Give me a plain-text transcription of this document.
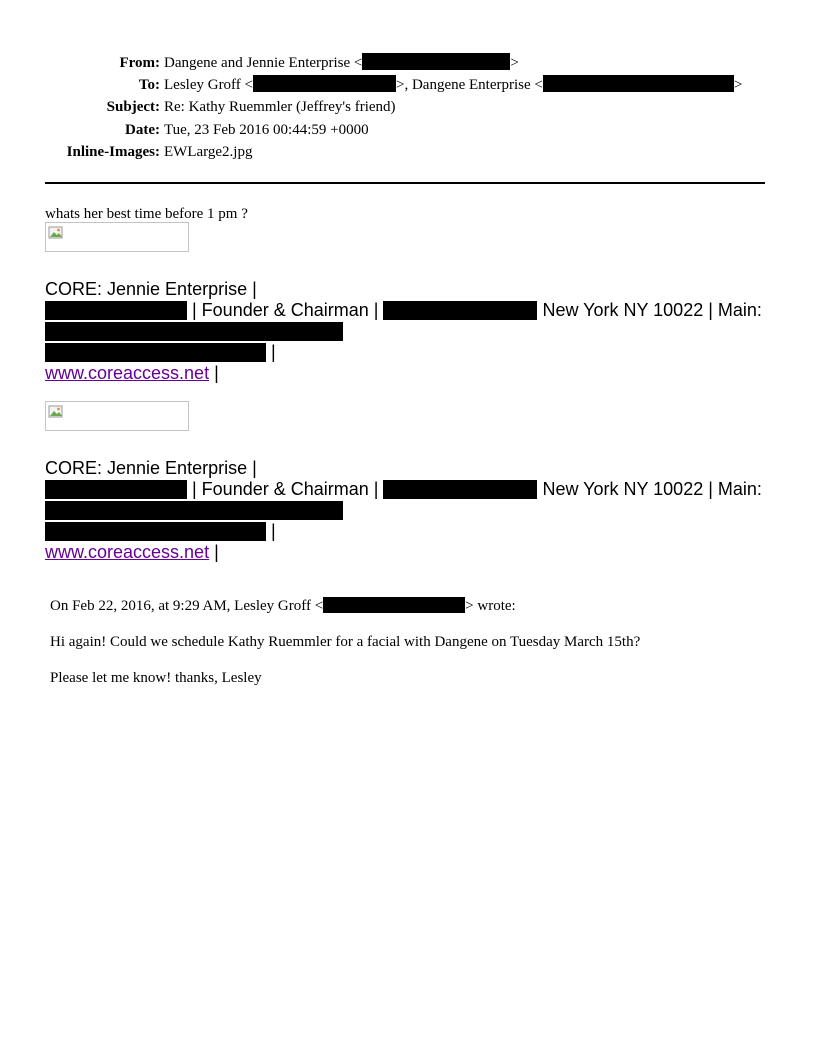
From: Dangene and Jennie Enterprise <	>
To: Lesley Groff <	>, Dangene Enterprise <	>
Subject: Re: Kathy Ruemmler (Jeffrey's friend)
Date: Tue, 23 Feb 2016 00:44:59 +0000
Inline-Images: EWLarge2.jpg
whats her best time before 1 pm ?
CORE: Jennie Enterprise |
| Founder & Chairman |	New York NY 10022 | Main:
|
www.coreaccess.net |
CORE: Jennie Enterprise |
| Founder & Chairman |	New York NY 10022 | Main:
|
www.coreaccess.net |

On Feb 22, 2016, at 9:29 AM, Lesley Groff <	> wrote:

Hi again! Could we schedule Kathy Ruemmler for a facial with Dangene on Tuesday March 15th?

Please let me know! thanks, Lesley
